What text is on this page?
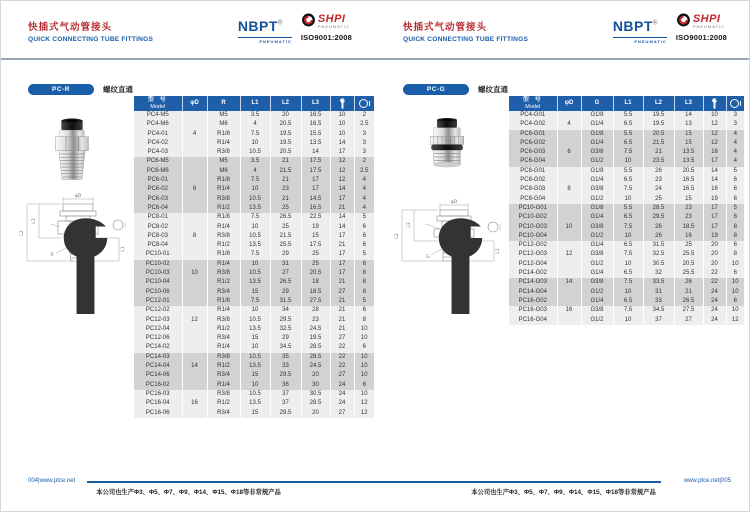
快插式气动管接头
QUICK CONNECTING TUBE FITTINGS
NBPT®
PNEUMATIC
SHPI
PNEUMATIC
ISO9001:2008
PC-R	螺纹直通
φD
L2
L3
L1
R
型 号
Model	φD	R	L1	L2	L3	

PC4-M5		M5	3.5	20	16.5	10	2
PC4-M6		M6	4	20.5	16.5	10	2.5
PC4-01	4	R1/8	7.5	19.5	15.5	10	3
PC4-02		R1/4	10	19.5	13.5	14	3
PC4-03		R3/8	10.5	20.5	14	17	3
PC6-M5		M5	3.5	21	17.5	12	2
PC6-M6		M6	4	21.5	17.5	12	2.5
PC6-01		R1/8	7.5	21	17	12	4
PC6-02	6	R1/4	10	23	17	14	4
PC6-03		R3/8	10.5	21	14.5	17	4
PC6-04		R1/2	13.5	25	16.5	21	4
PC8-01		R1/8	7.5	26.5	22.5	14	5
PC8-02		R1/4	10	25	19	14	6
PC8-03	8	R3/8	10.5	21.5	15	17	6
PC8-04		R1/2	13.5	25.5	17.5	21	6
PC10-01		R1/8	7.5	29	25	17	5
PC10-02		R1/4	10	31	25	17	6
PC10-03	10	R3/8	10.5	27	20.5	17	8
PC10-04		R1/2	13.5	26.5	18	21	8
PC10-06		R3/4	15	29	18.5	27	8
PC12-01		R1/8	7.5	31.5	27.5	21	5
PC12-02		R1/4	10	34	28	21	6
PC12-03	12	R3/8	10.5	29.5	23	21	8
PC12-04		R1/2	13.5	32.5	24.5	21	10
PC12-06		R3/4	15	29	19.5	27	10
PC14-02		R1/4	10	34.5	28.5	22	6
PC14-03		R3/8	10.5	35	28.5	22	10
PC14-04	14	R1/2	13.5	33	24.5	22	10
PC14-06		R3/4	15	29.5	20	27	10
PC16-02		R1/4	10	36	30	24	6
PC16-03		R3/8	10.5	37	30.5	24	10
PC16-04	16	R1/2	13.5	37	28.5	24	12
PC16-06		R3/4	15	29.5	20	27	12
004|www.ptce.net
本公司也生产Φ3、Φ5、Φ7、Φ9、Φ14、Φ15、Φ18等非常规产品
快插式气动管接头
QUICK CONNECTING TUBE FITTINGS
NBPT®
PNEUMATIC
SHPI
PNEUMATIC
ISO9001:2008
PC-G	螺纹直通
φD
L2
L3
L1
G
型 号
Model	φD	G	L1	L2	L3	

PC4-G01		G1/8	5.5	19.5	14	10	3
PC4-G02	4	G1/4	6.5	19.5	13	12	3
PC6-G01		G1/8	5.5	20.5	15	12	4
PC6-G02		G1/4	6.5	21.5	15	12	4
PC6-G03	6	G3/8	7.5	21	13.5	16	4
PC6-G04		G1/2	10	23.5	13.5	17	4
PC8-G01		G1/8	5.5	26	20.5	14	5
PC8-G02		G1/4	6.5	23	16.5	14	6
PC8-G03	8	G3/8	7.5	24	16.5	16	6
PC8-G04		G1/2	10	25	15	19	6
PC10-G01		G1/8	5.5	28.5	23	17	5
PC10-G02		G1/4	6.5	29.5	23	17	6
PC10-G03	10	G3/8	7.5	26	18.5	17	8
PC10-G04		G1/2	10	26	16	19	8
PC12-G02		G1/4	6.5	31.5	25	20	6
PC12-G03	12	G3/8	7.5	32.5	25.5	20	8
PC12-G04		G1/2	10	30.5	20.5	20	10
PC14-G02		G1/4	6.5	32	25.5	22	6
PC14-G03	14	G3/8	7.5	33.5	26	22	10
PC14-G04		G1/2	10	31	21	24	10
PC16-G02		G1/4	6.5	33	26.5	24	6
PC16-G03	16	G3/8	7.5	34.5	27.5	24	10
PC16-G04		G1/2	10	37	27	24	12
www.ptce.net|005
本公司也生产Φ3、Φ5、Φ7、Φ9、Φ14、Φ15、Φ18等非常规产品
